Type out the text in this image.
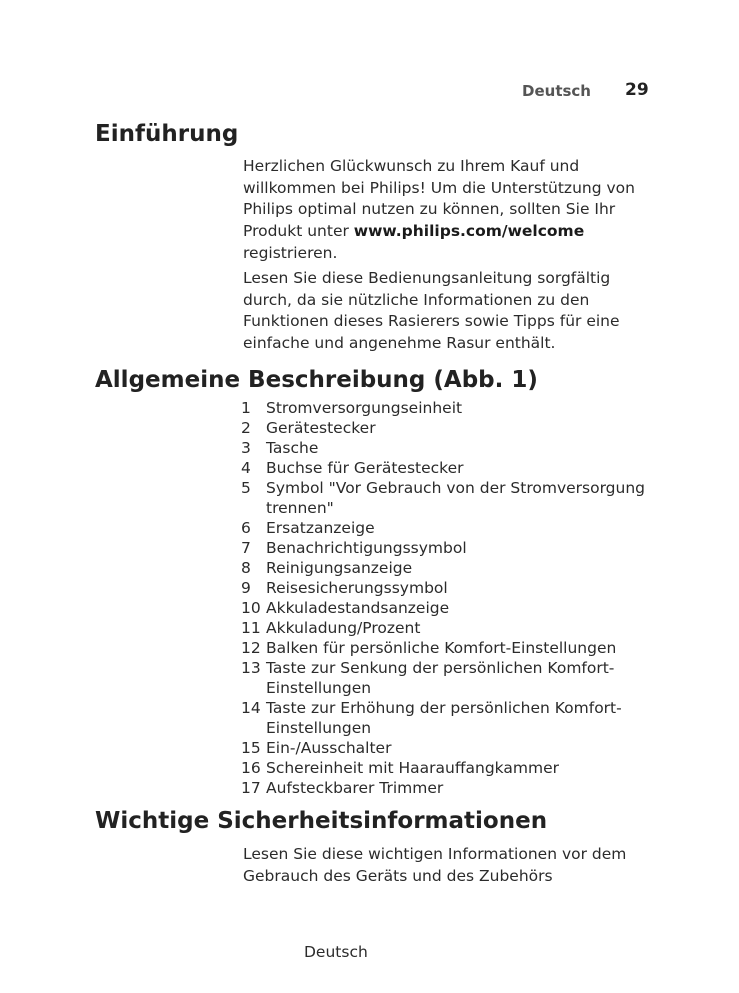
Deutsch 29
Einführung

Herzlichen Glückwunsch zu Ihrem Kauf und willkommen bei Philips! Um die Unterstützung von Philips optimal nutzen zu können, sollten Sie Ihr Produkt unter www.philips.com/welcome registrieren.

Lesen Sie diese Bedienungsanleitung sorgfältig durch, da sie nützliche Informationen zu den Funktionen dieses Rasierers sowie Tipps für eine einfache und angenehme Rasur enthält.

Allgemeine Beschreibung (Abb. 1)
1 Stromversorgungseinheit
2 Gerätestecker
3 Tasche
4 Buchse für Gerätestecker
5 Symbol "Vor Gebrauch von der Stromversorgung trennen"
6 Ersatzanzeige
7 Benachrichtigungssymbol
8 Reinigungsanzeige
9 Reisesicherungssymbol
10 Akkuladestandsanzeige
11 Akkuladung/Prozent
12 Balken für persönliche Komfort-Einstellungen
13 Taste zur Senkung der persönlichen Komfort-Einstellungen
14 Taste zur Erhöhung der persönlichen Komfort-Einstellungen
15 Ein-/Ausschalter
16 Schereinheit mit Haarauffangkammer
17 Aufsteckbarer Trimmer
Wichtige Sicherheitsinformationen

Lesen Sie diese wichtigen Informationen vor dem Gebrauch des Geräts und des Zubehörs

Deutsch
